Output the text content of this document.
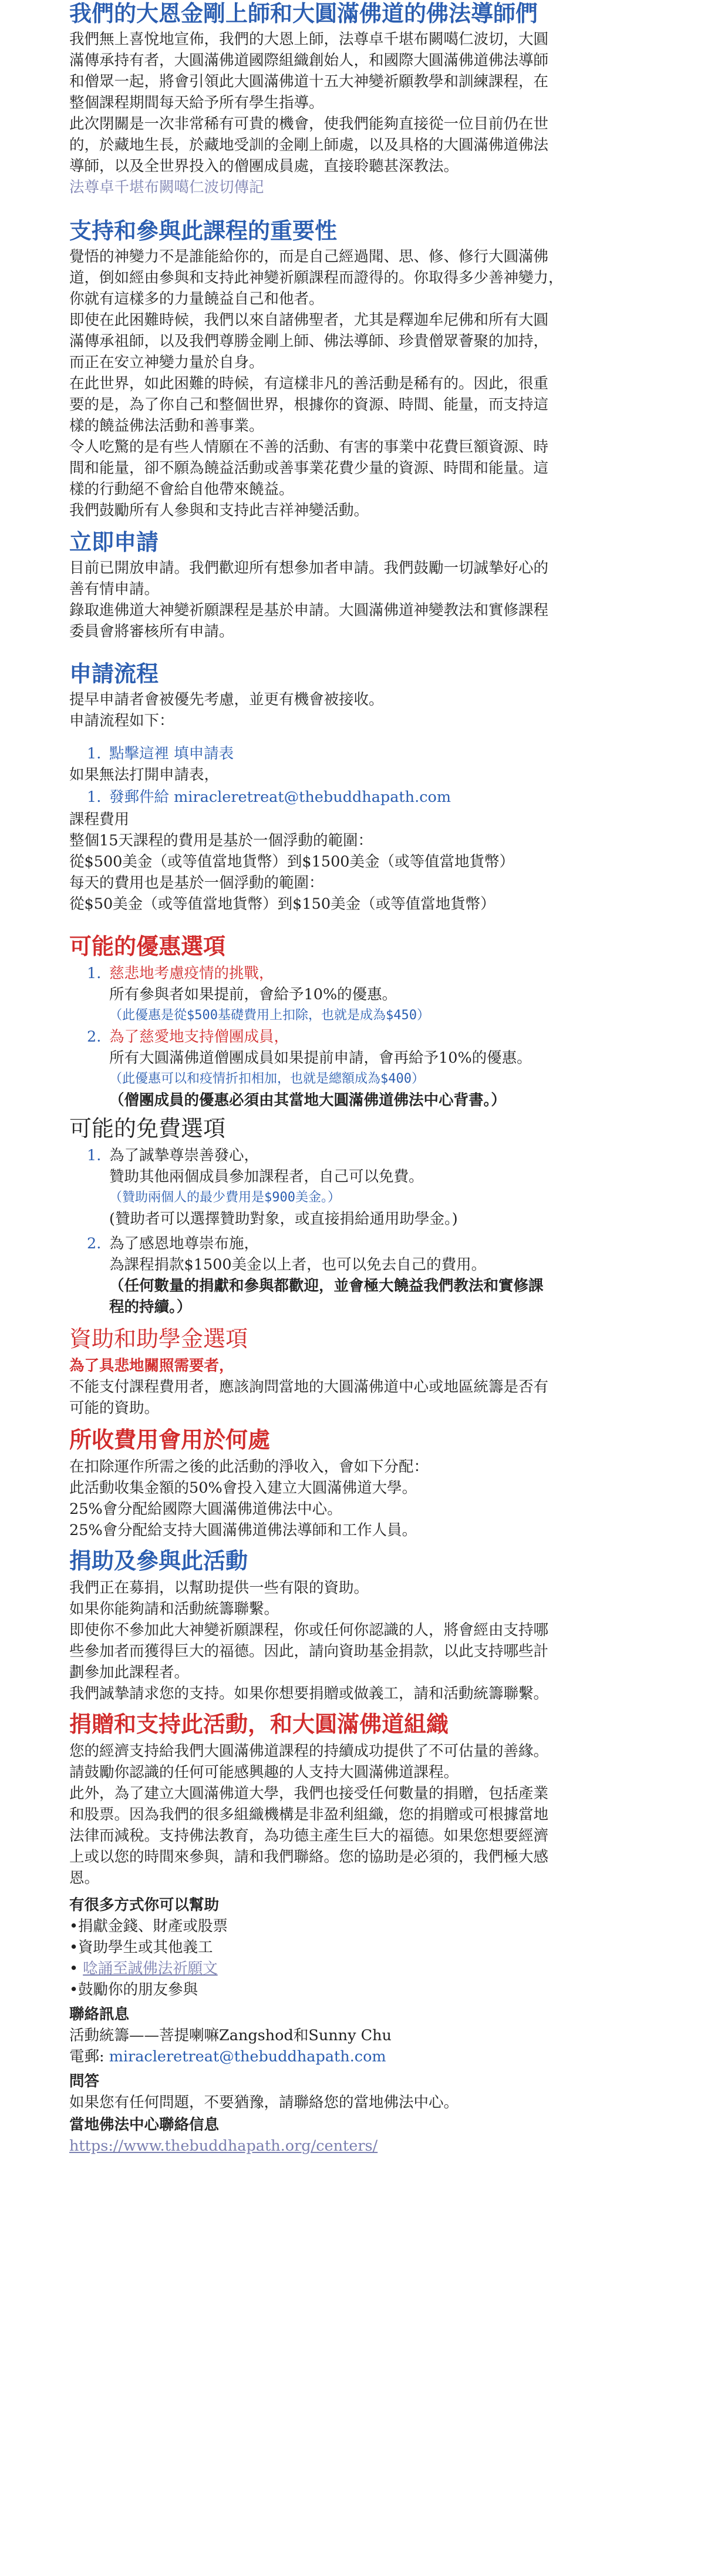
我們的大恩金剛上師和大圓滿佛道的佛法導師們
我們無上喜悅地宣佈，我們的大恩上師，法尊卓千堪布闕噶仁波切，大圓
滿傳承持有者，大圓滿佛道國際組織創始人，和國際大圓滿佛道佛法導師
和僧眾一起，將會引領此大圓滿佛道十五大神變祈願教學和訓練課程，在
整個課程期間每天給予所有學生指導。
此次閉關是一次非常稀有可貴的機會，使我們能夠直接從一位目前仍在世
的，於藏地生長，於藏地受訓的金剛上師處，以及具格的大圓滿佛道佛法
導師，以及全世界投入的僧團成員處，直接聆聽甚深教法。
法尊卓千堪布闕噶仁波切傳記
支持和參與此課程的重要性
覺悟的神變力不是誰能給你的，而是自己經過聞、思、修、修行大圓滿佛
道，倒如經由參與和支持此神變祈願課程而證得的。你取得多少善神變力，
你就有這樣多的力量饒益自己和他者。
即使在此困難時候，我們以來自諸佛聖者，尤其是釋迦牟尼佛和所有大圓
滿傳承祖師，以及我們尊勝金剛上師、佛法導師、珍貴僧眾薈聚的加持，
而正在安立神變力量於自身。
在此世界，如此困難的時候，有這樣非凡的善活動是稀有的。因此，很重
要的是，為了你自己和整個世界，根據你的資源、時間、能量，而支持這
樣的饒益佛法活動和善事業。
令人吃驚的是有些人情願在不善的活動、有害的事業中花費巨額資源、時
間和能量，卻不願為饒益活動或善事業花費少量的資源、時間和能量。這
樣的行動絕不會給自他帶來饒益。
我們鼓勵所有人參與和支持此吉祥神變活動。
立即申請
目前已開放申請。我們歡迎所有想參加者申請。我們鼓勵一切誠摯好心的
善有情申請。
錄取進佛道大神變祈願課程是基於申請。大圓滿佛道神變教法和實修課程
委員會將審核所有申請。
申請流程
提早申請者會被優先考慮，並更有機會被接收。
申請流程如下：
1. 點擊這裡 填申請表
如果無法打開申請表，
1. 發郵件給 miracleretreat@thebuddhapath.com
課程費用
整個15天課程的費用是基於一個浮動的範圍：
從$500美金（或等值當地貨幣）到$1500美金（或等值當地貨幣）
每天的費用也是基於一個浮動的範圍：
從$50美金（或等值當地貨幣）到$150美金（或等值當地貨幣）
可能的優惠選項
1. 慈悲地考慮疫情的挑戰，
所有參與者如果提前，會給予10%的優惠。
（此優惠是從$500基礎費用上扣除，也就是成為$450）
2. 為了慈愛地支持僧團成員，
所有大圓滿佛道僧團成員如果提前申請，會再給予10%的優惠。
（此優惠可以和疫情折扣相加，也就是總額成為$400）
（僧團成員的優惠必須由其當地大圓滿佛道佛法中心背書。）
可能的免費選項
1. 為了誠摯尊崇善發心，
贊助其他兩個成員參加課程者，自己可以免費。
（贊助兩個人的最少費用是$900美金。）
(贊助者可以選擇贊助對象，或直接捐給通用助學金。)
2. 為了感恩地尊崇布施，
為課程捐款$1500美金以上者，也可以免去自己的費用。
（任何數量的捐獻和參與都歡迎，並會極大饒益我們教法和實修課
程的持續。）
資助和助學金選項
為了具悲地關照需要者，
不能支付課程費用者，應該詢問當地的大圓滿佛道中心或地區統籌是否有
可能的資助。
所收費用會用於何處
在扣除運作所需之後的此活動的淨收入，會如下分配：
此活動收集金額的50%會投入建立大圓滿佛道大學。
25%會分配給國際大圓滿佛道佛法中心。
25%會分配給支持大圓滿佛道佛法導師和工作人員。
捐助及參與此活動
我們正在募捐，以幫助提供一些有限的資助。
如果你能夠請和活動統籌聯繫。
即使你不參加此大神變祈願課程，你或任何你認識的人，將會經由支持哪
些參加者而獲得巨大的福德。因此，請向資助基金捐款，以此支持哪些計
劃參加此課程者。
我們誠摯請求您的支持。如果你想要捐贈或做義工，請和活動統籌聯繫。
捐贈和支持此活動，和大圓滿佛道組織
您的經濟支持給我們大圓滿佛道課程的持續成功提供了不可估量的善緣。
請鼓勵你認識的任何可能感興趣的人支持大圓滿佛道課程。
此外，為了建立大圓滿佛道大學，我們也接受任何數量的捐贈，包括產業
和股票。因為我們的很多組織機構是非盈利組織，您的捐贈或可根據當地
法律而減稅。支持佛法教育，為功德主產生巨大的福德。如果您想要經濟
上或以您的時間來參與，請和我們聯絡。您的協助是必須的，我們極大感
恩。
有很多方式你可以幫助
•捐獻金錢、財產或股票
•資助學生或其他義工
• 唸誦至誠佛法祈願文
•鼓勵你的朋友參與
聯絡訊息
活動統籌——菩提喇嘛Zangshod和Sunny Chu
電郵: miracleretreat@thebuddhapath.com
問答
如果您有任何問題，不要猶豫，請聯絡您的當地佛法中心。
當地佛法中心聯絡信息
https://www.thebuddhapath.org/centers/
